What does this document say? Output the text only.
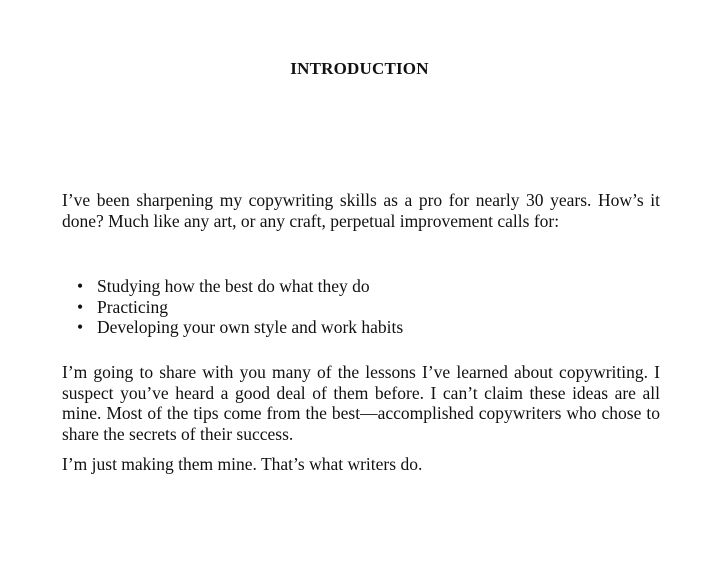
INTRODUCTION

I’ve been sharpening my copywriting skills as a pro for nearly 30 years. How’s it done? Much like any art, or any craft, perpetual improvement calls for:

• Studying how the best do what they do
• Practicing
• Developing your own style and work habits

I’m going to share with you many of the lessons I’ve learned about copywriting. I suspect you’ve heard a good deal of them before. I can’t claim these ideas are all mine. Most of the tips come from the best—accomplished copywriters who chose to share the secrets of their success.

I’m just making them mine. That’s what writers do.
